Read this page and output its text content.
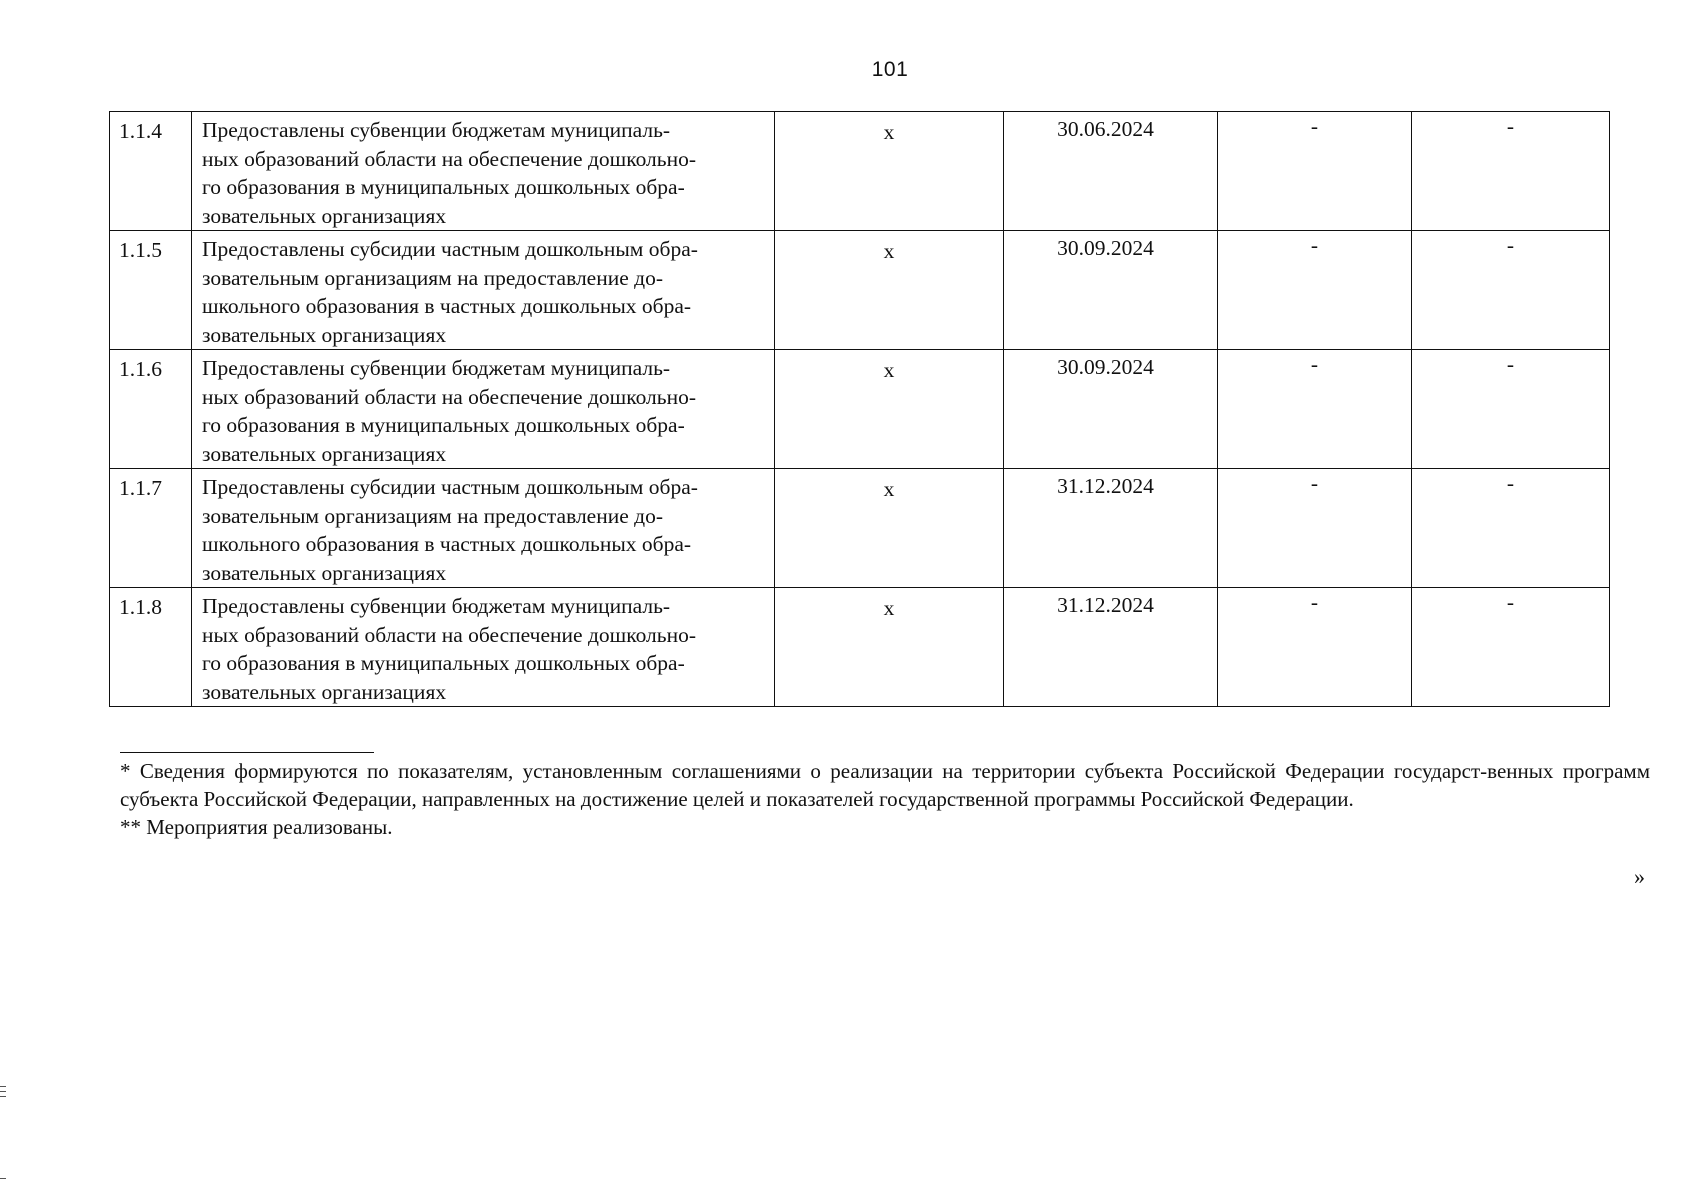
101
1.1.4	Предоставлены субвенции бюджетам муниципаль-
ных образований области на обеспечение дошкольно-
го образования в муниципальных дошкольных обра-
зовательных организациях	х	30.06.2024	-	-
1.1.5	Предоставлены субсидии частным дошкольным обра-
зовательным организациям на предоставление до-
школьного образования в частных дошкольных обра-
зовательных организациях	х	30.09.2024	-	-
1.1.6	Предоставлены субвенции бюджетам муниципаль-
ных образований области на обеспечение дошкольно-
го образования в муниципальных дошкольных обра-
зовательных организациях	х	30.09.2024	-	-
1.1.7	Предоставлены субсидии частным дошкольным обра-
зовательным организациям на предоставление до-
школьного образования в частных дошкольных обра-
зовательных организациях	х	31.12.2024	-	-
1.1.8	Предоставлены субвенции бюджетам муниципаль-
ных образований области на обеспечение дошкольно-
го образования в муниципальных дошкольных обра-
зовательных организациях	х	31.12.2024	-	-

* Сведения формируются по показателям, установленным соглашениями о реализации на территории субъекта Российской Федерации государст-венных программ субъекта Российской Федерации, направленных на достижение целей и показателей государственной программы Российской Федерации.

** Мероприятия реализованы.

»
